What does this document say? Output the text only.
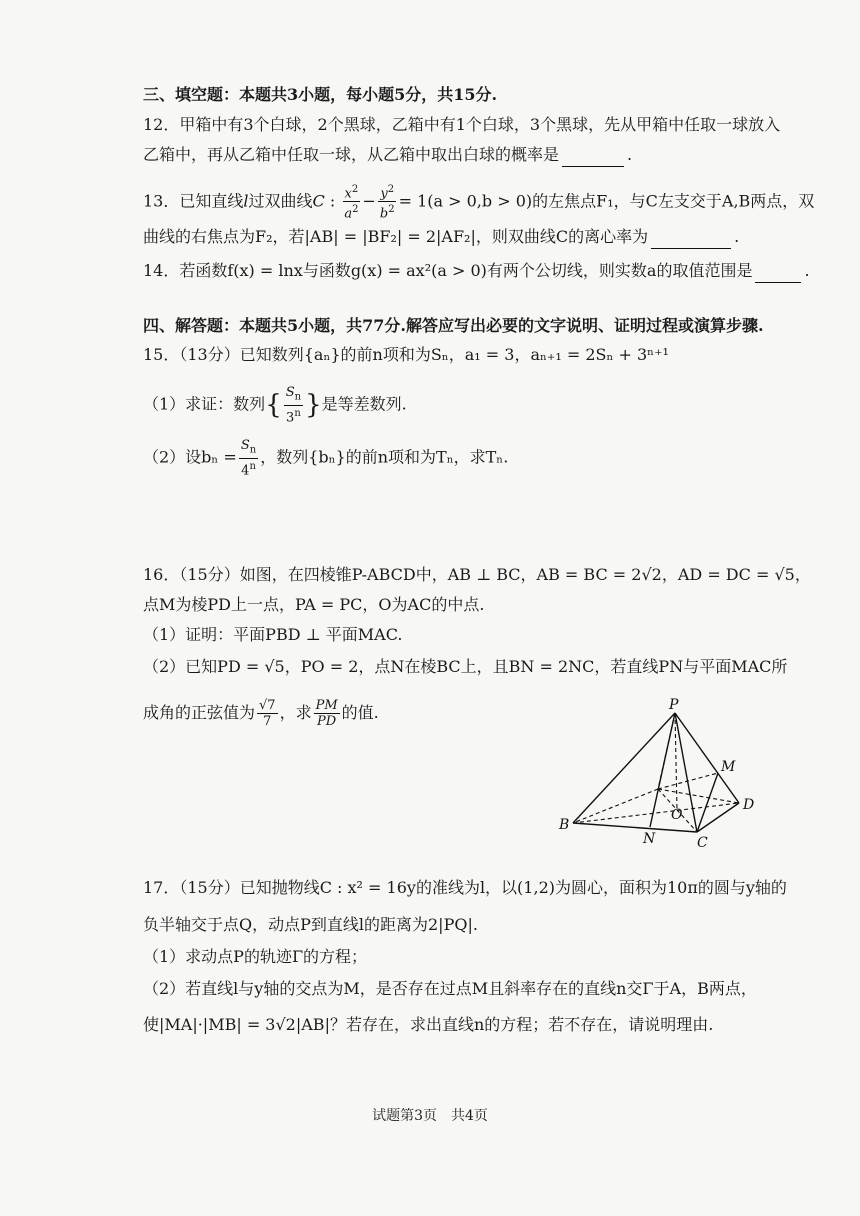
三、填空题：本题共3小题，每小题5分，共15分.
12．甲箱中有3个白球，2个黑球，乙箱中有1个白球，3个黑球，先从甲箱中任取一球放入
乙箱中，再从乙箱中任取一球，从乙箱中取出白球的概率是	.
13．已知直线l过双曲线C : $\frac{x^2}{a^2} - \frac{y^2}{b^2} = 1(a > 0,b > 0)$的左焦点F₁，与C左支交于A,B两点，双
曲线的右焦点为F₂，若|AB| = |BF₂| = 2|AF₂|，则双曲线C的离心率为	.
14．若函数f(x) = lnx与函数g(x) = ax²(a > 0)有两个公切线，则实数a的取值范围是	.
四、解答题：本题共5小题，共77分.解答应写出必要的文字说明、证明过程或演算步骤.
15．（13分）已知数列{aₙ}的前n项和为Sₙ，a₁ = 3，aₙ₊₁ = 2Sₙ + 3ⁿ⁺¹
（1）求证：数列{ $\frac{S_n}{3^n}$ }是等差数列.
（2）设$b_n = \frac{S_n}{4^n}$ ，数列{bₙ}的前n项和为Tₙ，求Tₙ.
16．（15分）如图，在四棱锥P-ABCD中，AB ⊥ BC，AB = BC = 2√2，AD = DC = √5，
点M为棱PD上一点，PA = PC，O为AC的中点.
（1）证明：平面PBD ⊥ 平面MAC.
（2）已知PD = √5，PO = 2，点N在棱BC上，且BN = 2NC，若直线PN与平面MAC所
成角的正弦值为 $\frac{√7}{7}$ ，求 $\frac{PM}{PD}$ 的值.	P
M
D
B
N	C
O
17．（15分）已知抛物线C : x² = 16y的准线为l，以(1,2)为圆心，面积为10π的圆与y轴的
负半轴交于点Q，动点P到直线l的距离为2|PQ|.
（1）求动点P的轨迹Γ的方程；
（2）若直线l与y轴的交点为M，是否存在过点M且斜率存在的直线n交Γ于A，B两点，
使|MA|·|MB| = 3√2|AB|？若存在，求出直线n的方程；若不存在，请说明理由.
试题第3页　共4页
